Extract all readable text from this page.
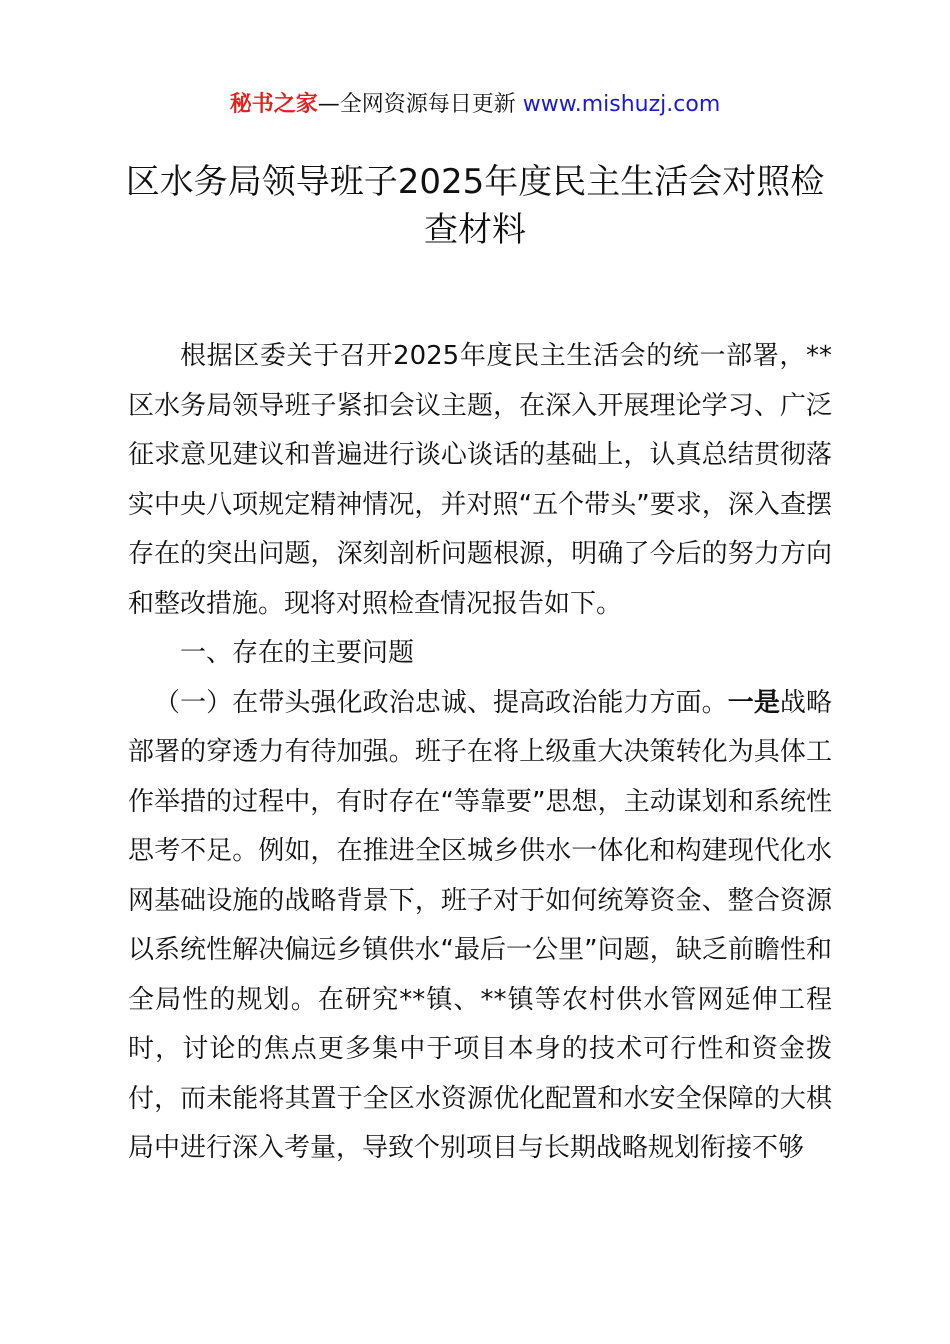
秘书之家—全网资源每日更新 www.mishuzj.com
区水务局领导班子2025年度民主生活会对照检查材料

根据区委关于召开2025年度民主生活会的统一部署，**区水务局领导班子紧扣会议主题，在深入开展理论学习、广泛征求意见建议和普遍进行谈心谈话的基础上，认真总结贯彻落实中央八项规定精神情况，并对照“五个带头”要求，深入查摆存在的突出问题，深刻剖析问题根源，明确了今后的努力方向和整改措施。现将对照检查情况报告如下。

一、存在的主要问题

（一）在带头强化政治忠诚、提高政治能力方面。一是战略部署的穿透力有待加强。班子在将上级重大决策转化为具体工作举措的过程中，有时存在“等靠要”思想，主动谋划和系统性思考不足。例如，在推进全区城乡供水一体化和构建现代化水网基础设施的战略背景下，班子对于如何统筹资金、整合资源以系统性解决偏远乡镇供水“最后一公里”问题，缺乏前瞻性和全局性的规划。在研究**镇、**镇等农村供水管网延伸工程时，讨论的焦点更多集中于项目本身的技术可行性和资金拨付，而未能将其置于全区水资源优化配置和水安全保障的大棋局中进行深入考量，导致个别项目与长期战略规划衔接不够
